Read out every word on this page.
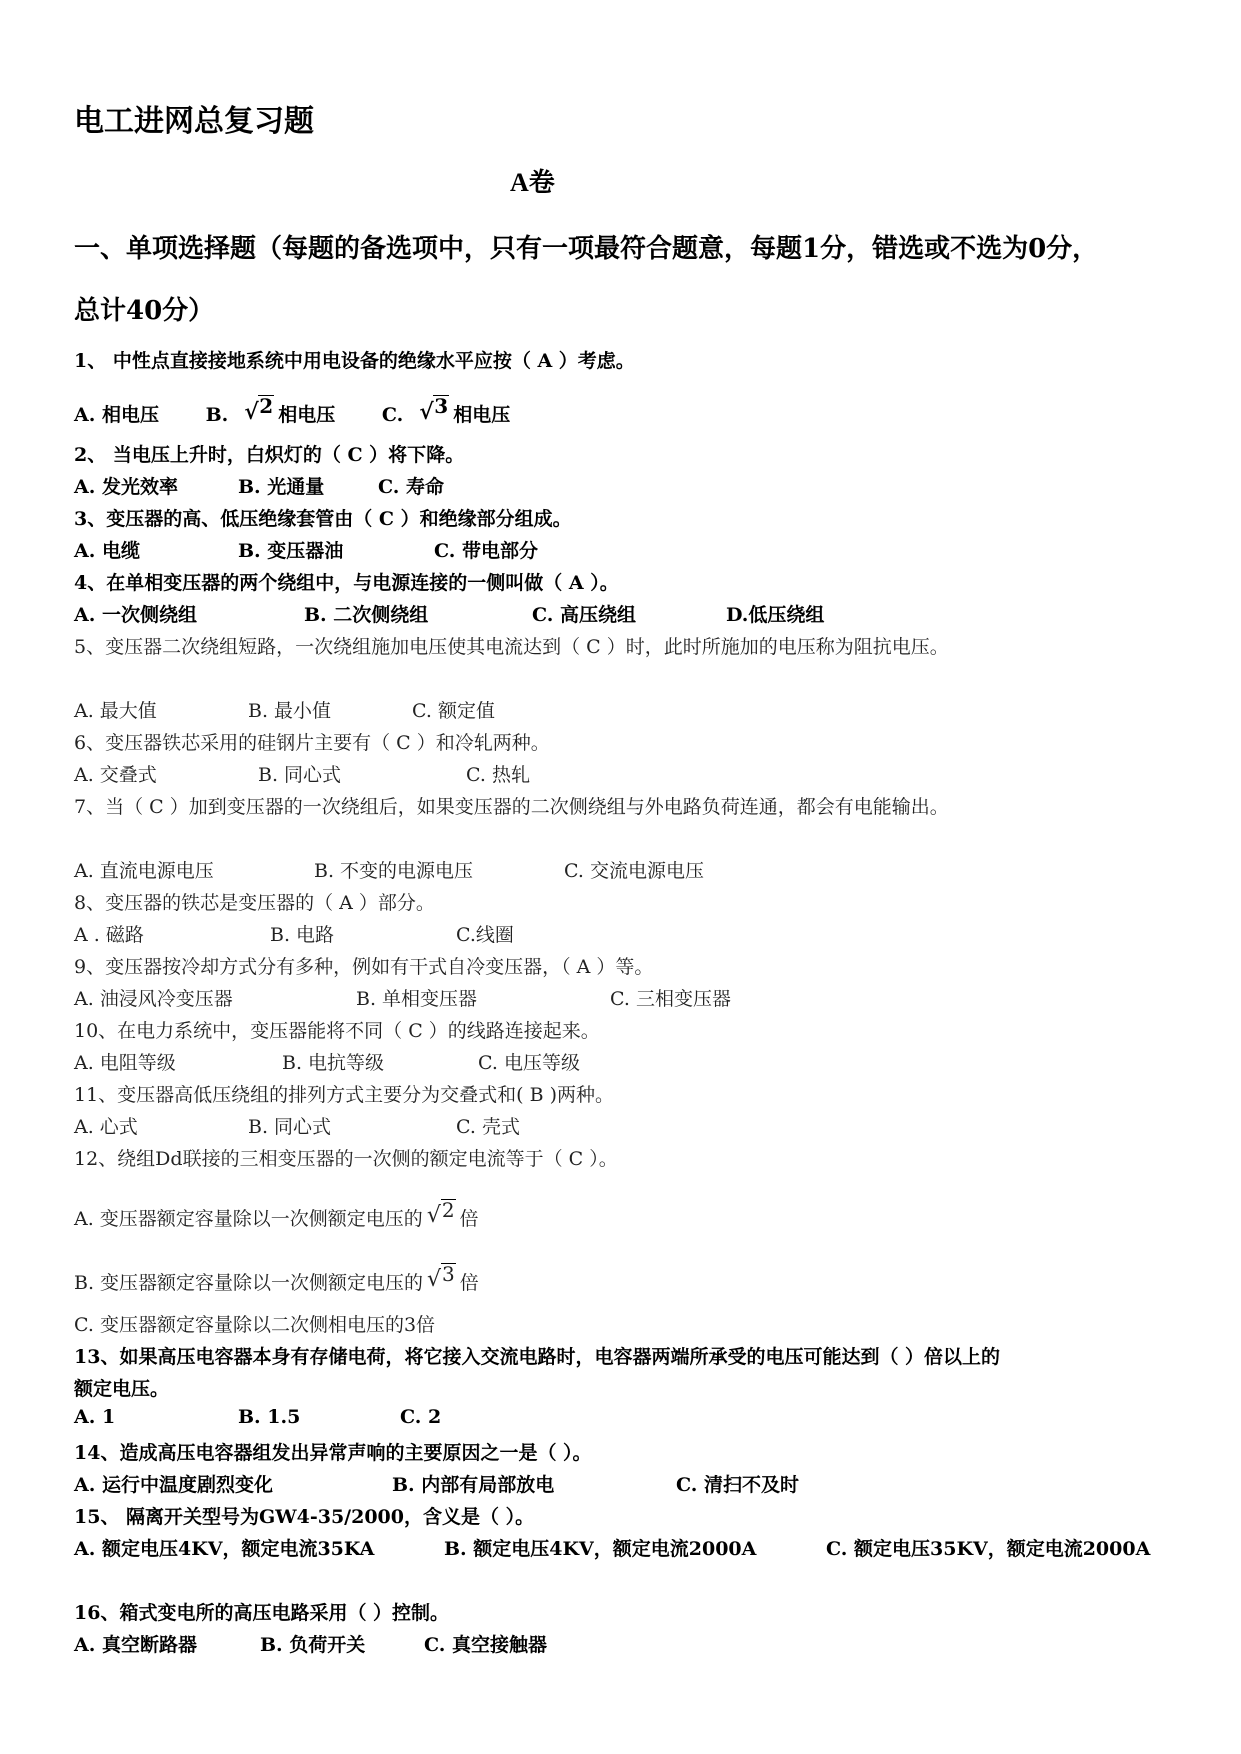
电工进网总复习题
A卷
一、单项选择题（每题的备选项中，只有一项最符合题意，每题1分，错选或不选为0分，
总计40分）
1、 中性点直接接地系统中用电设备的绝缘水平应按（ A ）考虑。
A. 相电压 B. √ 2 相电压 C. √ 3 相电压
2、 当电压上升时，白炽灯的（ C ）将下降。
A. 发光效率	B. 光通量	C. 寿命
3、变压器的高、低压绝缘套管由（ C ）和绝缘部分组成。
A. 电缆	B. 变压器油	C. 带电部分
4、在单相变压器的两个绕组中，与电源连接的一侧叫做（ A ）。
A. 一次侧绕组	B. 二次侧绕组	C. 高压绕组	D.低压绕组
5、变压器二次绕组短路，一次绕组施加电压使其电流达到（ C ）时，此时所施加的电压称为阻抗电压。
A. 最大值	B. 最小值	C. 额定值
6、变压器铁芯采用的硅钢片主要有（ C ）和冷轧两种。
A. 交叠式	B. 同心式	C. 热轧
7、当（ C ）加到变压器的一次绕组后，如果变压器的二次侧绕组与外电路负荷连通，都会有电能输出。
A. 直流电源电压	B. 不变的电源电压	C. 交流电源电压
8、变压器的铁芯是变压器的（ A ）部分。
A . 磁路	B. 电路	C.线圈
9、变压器按冷却方式分有多种，例如有干式自冷变压器，（ A ）等。
A. 油浸风冷变压器	B. 单相变压器	C. 三相变压器
10、在电力系统中，变压器能将不同（ C ）的线路连接起来。
A. 电阻等级	B. 电抗等级	C. 电压等级
11、变压器高低压绕组的排列方式主要分为交叠式和( B )两种。
A. 心式	B. 同心式	C. 壳式
12、绕组Dd联接的三相变压器的一次侧的额定电流等于（ C ）。
A. 变压器额定容量除以一次侧额定电压的 √ 2 倍
B. 变压器额定容量除以一次侧额定电压的 √ 3 倍
C. 变压器额定容量除以二次侧相电压的3倍
13、如果高压电容器本身有存储电荷，将它接入交流电路时，电容器两端所承受的电压可能达到（ ）倍以上的
额定电压。
A. 1	B. 1.5	C. 2
14、造成高压电容器组发出异常声响的主要原因之一是（ ）。
A. 运行中温度剧烈变化	B. 内部有局部放电	C. 清扫不及时
15、 隔离开关型号为GW4-35/2000，含义是（ ）。
A. 额定电压4KV，额定电流35KA	B. 额定电压4KV，额定电流2000A	C. 额定电压35KV，额定电流2000A
16、箱式变电所的高压电路采用（ ）控制。
A. 真空断路器	B. 负荷开关	C. 真空接触器
